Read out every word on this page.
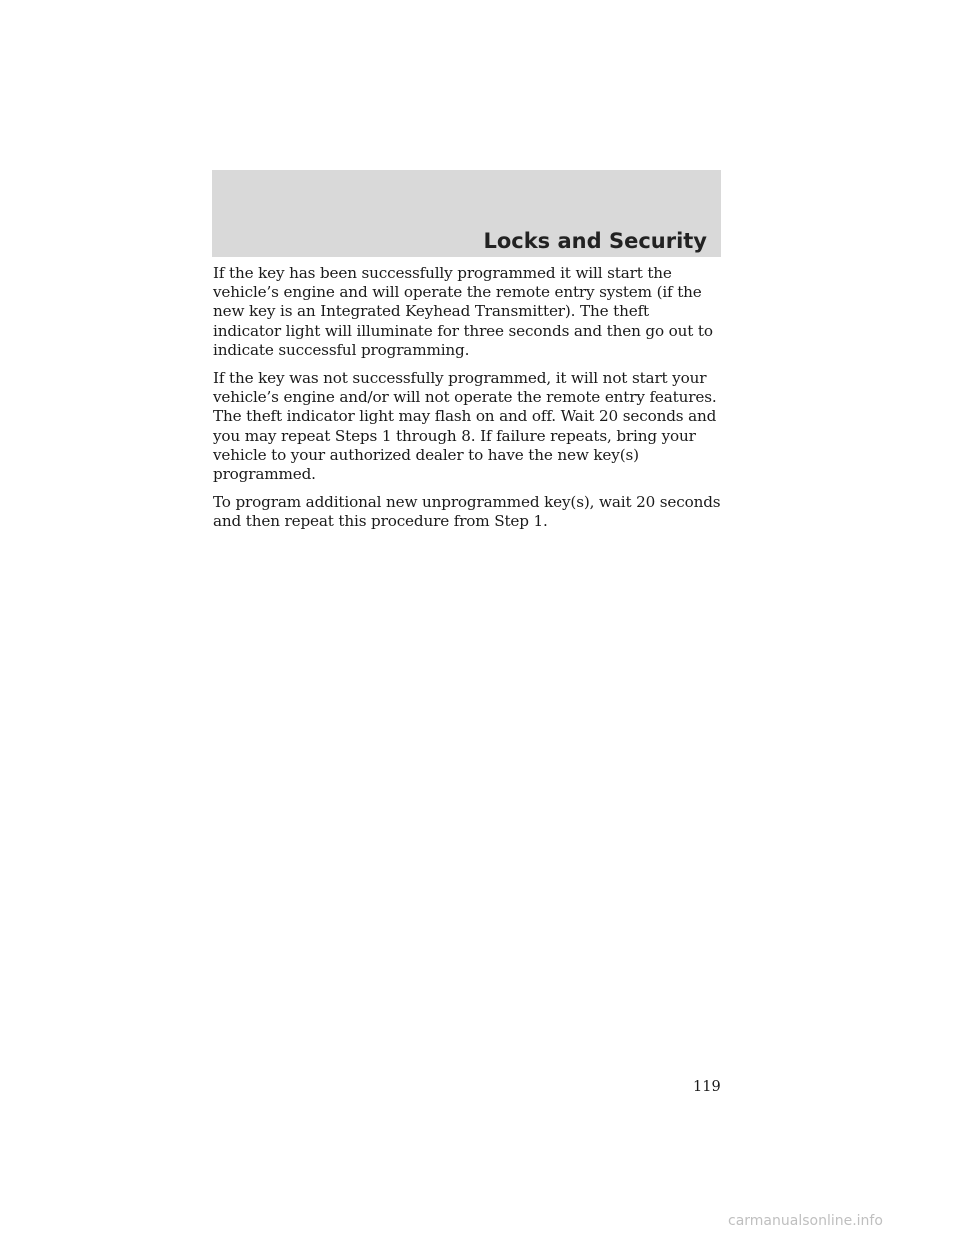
Locks and Security

If the key has been successfully programmed it will start the vehicle’s engine and will operate the remote entry system (if the new key is an Integrated Keyhead Transmitter). The theft indicator light will illuminate for three seconds and then go out to indicate successful programming.

If the key was not successfully programmed, it will not start your vehicle’s engine and/or will not operate the remote entry features. The theft indicator light may flash on and off. Wait 20 seconds and you may repeat Steps 1 through 8. If failure repeats, bring your vehicle to your authorized dealer to have the new key(s) programmed.

To program additional new unprogrammed key(s), wait 20 seconds and then repeat this procedure from Step 1.

119
carmanualsonline.info
